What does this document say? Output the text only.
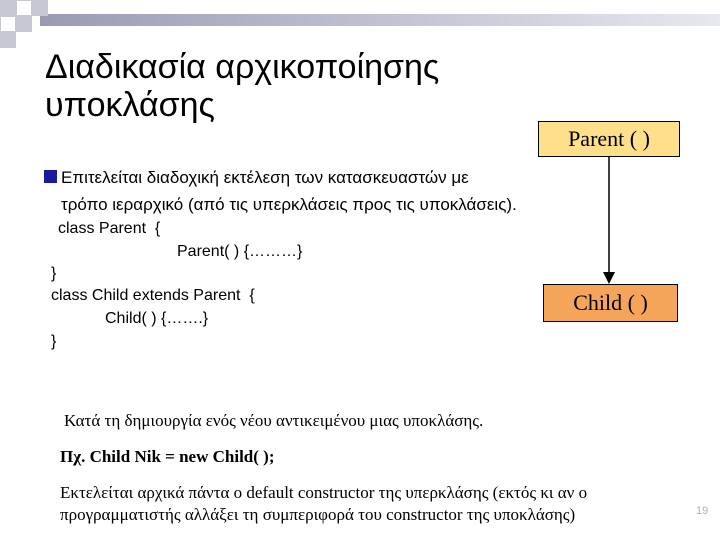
Διαδικασία αρχικοποίησης υποκλάσης
Parent ( )
Child ( )
Επιτελείται διαδοχική εκτέλεση των κατασκευαστών με
τρόπο ιεραρχικό (από τις υπερκλάσεις προς τις υποκλάσεις).
class Parent  {
Parent( ) {………}
}
class Child extends Parent  {
Child( ) {…….}
}
Κατά τη δημιουργία ενός νέου αντικειμένου μιας υποκλάσης.
Πχ. Child Nik = new Child( );
Εκτελείται αρχικά πάντα ο default constructor της υπερκλάσης (εκτός κι αν ο
προγραμματιστής αλλάξει τη συμπεριφορά του constructor της υποκλάσης)	19
